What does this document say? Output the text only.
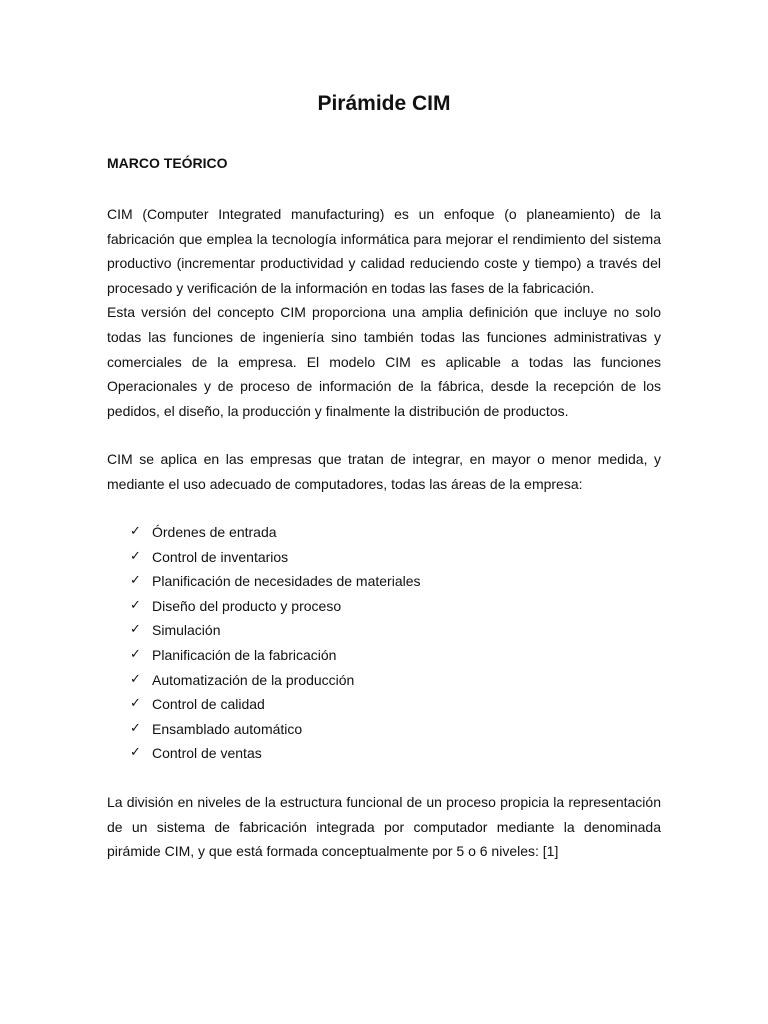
Pirámide CIM
MARCO TEÓRICO
CIM (Computer Integrated manufacturing) es un enfoque (o planeamiento) de la fabricación que emplea la tecnología informática para mejorar el rendimiento del sistema productivo (incrementar productividad y calidad reduciendo coste y tiempo) a través del procesado y verificación de la información en todas las fases de la fabricación.
Esta versión del concepto CIM proporciona una amplia definición que incluye no solo todas las funciones de ingeniería sino también todas las funciones administrativas y comerciales de la empresa. El modelo CIM es aplicable a todas las funciones Operacionales y de proceso de información de la fábrica, desde la recepción de los pedidos, el diseño, la producción y finalmente la distribución de productos.

CIM se aplica en las empresas que tratan de integrar, en mayor o menor medida, y mediante el uso adecuado de computadores, todas las áreas de la empresa:

✓ Órdenes de entrada
✓ Control de inventarios
✓ Planificación de necesidades de materiales
✓ Diseño del producto y proceso
✓ Simulación
✓ Planificación de la fabricación
✓ Automatización de la producción
✓ Control de calidad
✓ Ensamblado automático
✓ Control de ventas

La división en niveles de la estructura funcional de un proceso propicia la representación de un sistema de fabricación integrada por computador mediante la denominada pirámide CIM, y que está formada conceptualmente por 5 o 6 niveles: [1]
